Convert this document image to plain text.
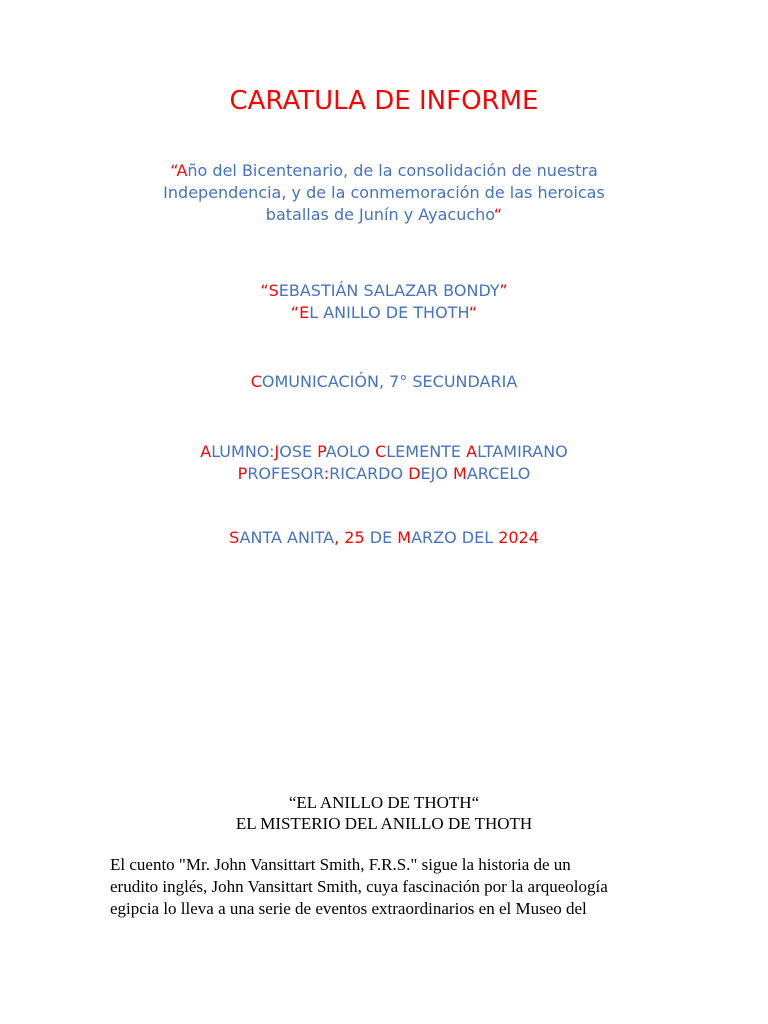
CARATULA DE INFORME
“Año del Bicentenario, de la consolidación de nuestra
Independencia, y de la conmemoración de las heroicas
batallas de Junín y Ayacucho“
“SEBASTIÁN SALAZAR BONDY”
“EL ANILLO DE THOTH“
COMUNICACIÓN, 7° SECUNDARIA
ALUMNO:JOSE PAOLO CLEMENTE ALTAMIRANO
PROFESOR:RICARDO DEJO MARCELO
SANTA ANITA, 25 DE MARZO DEL 2024
“EL ANILLO DE THOTH“
EL MISTERIO DEL ANILLO DE THOTH
El cuento "Mr. John Vansittart Smith, F.R.S." sigue la historia de un
erudito inglés, John Vansittart Smith, cuya fascinación por la arqueología
egipcia lo lleva a una serie de eventos extraordinarios en el Museo del
